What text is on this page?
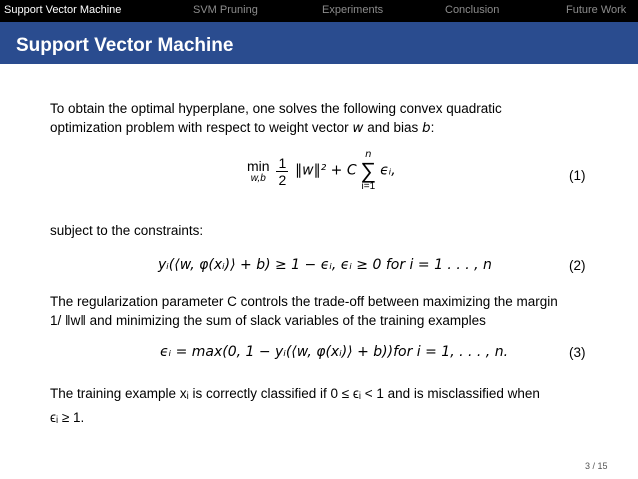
Support Vector Machine	SVM Pruning	Experiments	Conclusion	Future Work
Support Vector Machine
To obtain the optimal hyperplane, one solves the following convex quadratic
optimization problem with respect to weight vector w and bias b:
min
w,b
$\frac{1}{2}$ ‖w‖² + C
n
∑
i=1
ϵᵢ,	(1)
subject to the constraints:
yᵢ(⟨w, φ(xᵢ)⟩ + b) ≥ 1 − ϵᵢ, ϵᵢ ≥ 0 for i = 1 . . . , n	(2)
The regularization parameter C controls the trade-off between maximizing the margin
1/ ‖w‖ and minimizing the sum of slack variables of the training examples
ϵᵢ = max(0, 1 − yᵢ(⟨w, φ(xᵢ)⟩ + b))for i = 1, . . . , n.	(3)
The training example xᵢ is correctly classified if 0 ≤ ϵᵢ < 1 and is misclassified when
ϵᵢ ≥ 1.
3 / 15
